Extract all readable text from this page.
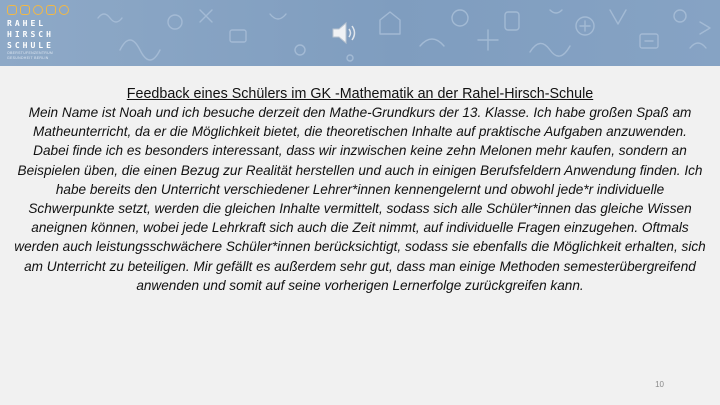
RAHEL
HIRSCH
SCHULE
OBERSTUFENZENTRUM
GESUNDHEIT BERLIN

Feedback eines Schülers im GK -Mathematik an der Rahel-Hirsch-Schule

Mein Name ist Noah und ich besuche derzeit den Mathe-Grundkurs der 13. Klasse. Ich habe großen Spaß am Matheunterricht, da er die Möglichkeit bietet, die theoretischen Inhalte auf praktische Aufgaben anzuwenden. Dabei finde ich es besonders interessant, dass wir inzwischen keine zehn Melonen mehr kaufen, sondern an Beispielen üben, die einen Bezug zur Realität herstellen und auch in einigen Berufsfeldern Anwendung finden. Ich habe bereits den Unterricht verschiedener Lehrer*innen kennengelernt und obwohl jede*r individuelle Schwerpunkte setzt, werden die gleichen Inhalte vermittelt, sodass sich alle Schüler*innen das gleiche Wissen aneignen können, wobei jede Lehrkraft sich auch die Zeit nimmt, auf individuelle Fragen einzugehen. Oftmals werden auch leistungsschwächere Schüler*innen berücksichtigt, sodass sie ebenfalls die Möglichkeit erhalten, sich am Unterricht zu beteiligen. Mir gefällt es außerdem sehr gut, dass man einige Methoden semesterübergreifend anwenden und somit auf seine vorherigen Lernerfolge zurückgreifen kann.

10
